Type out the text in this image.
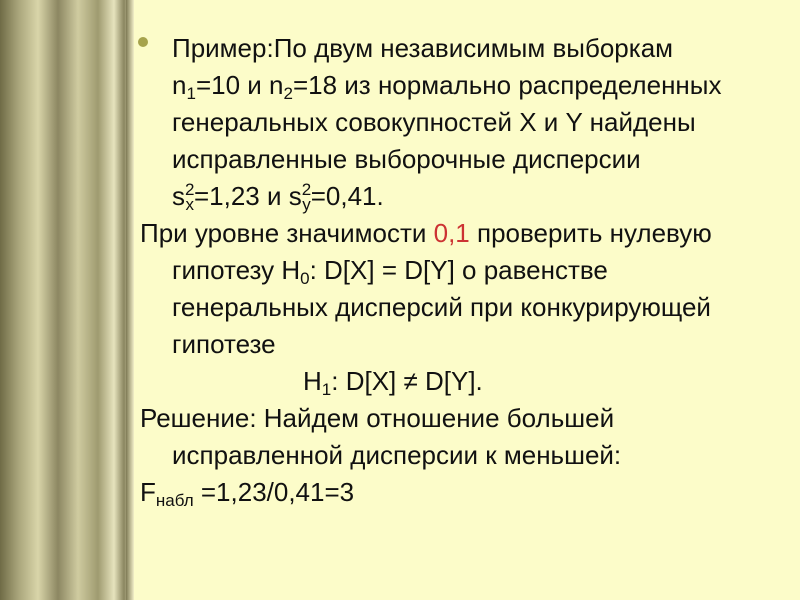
Пример:По двум независимым выборкам
$n_1=10$ и $n_2=18$ из нормально распределенных
генеральных совокупностей X и Y найдены
исправленные выборочные дисперсии
$s^2_x=1,23$ и $s^2_y=0,41$.

При уровне значимости 0,1 проверить нулевую
гипотезу $H_0$: D[X] = D[Y] о равенстве
генеральных дисперсий при конкурирующей
гипотезе

$H_1$: D[X] ≠ D[Y].

Решение: Найдем отношение большей
исправленной дисперсии к меньшей:

$F_{набл} =1,23/0,41=3$
